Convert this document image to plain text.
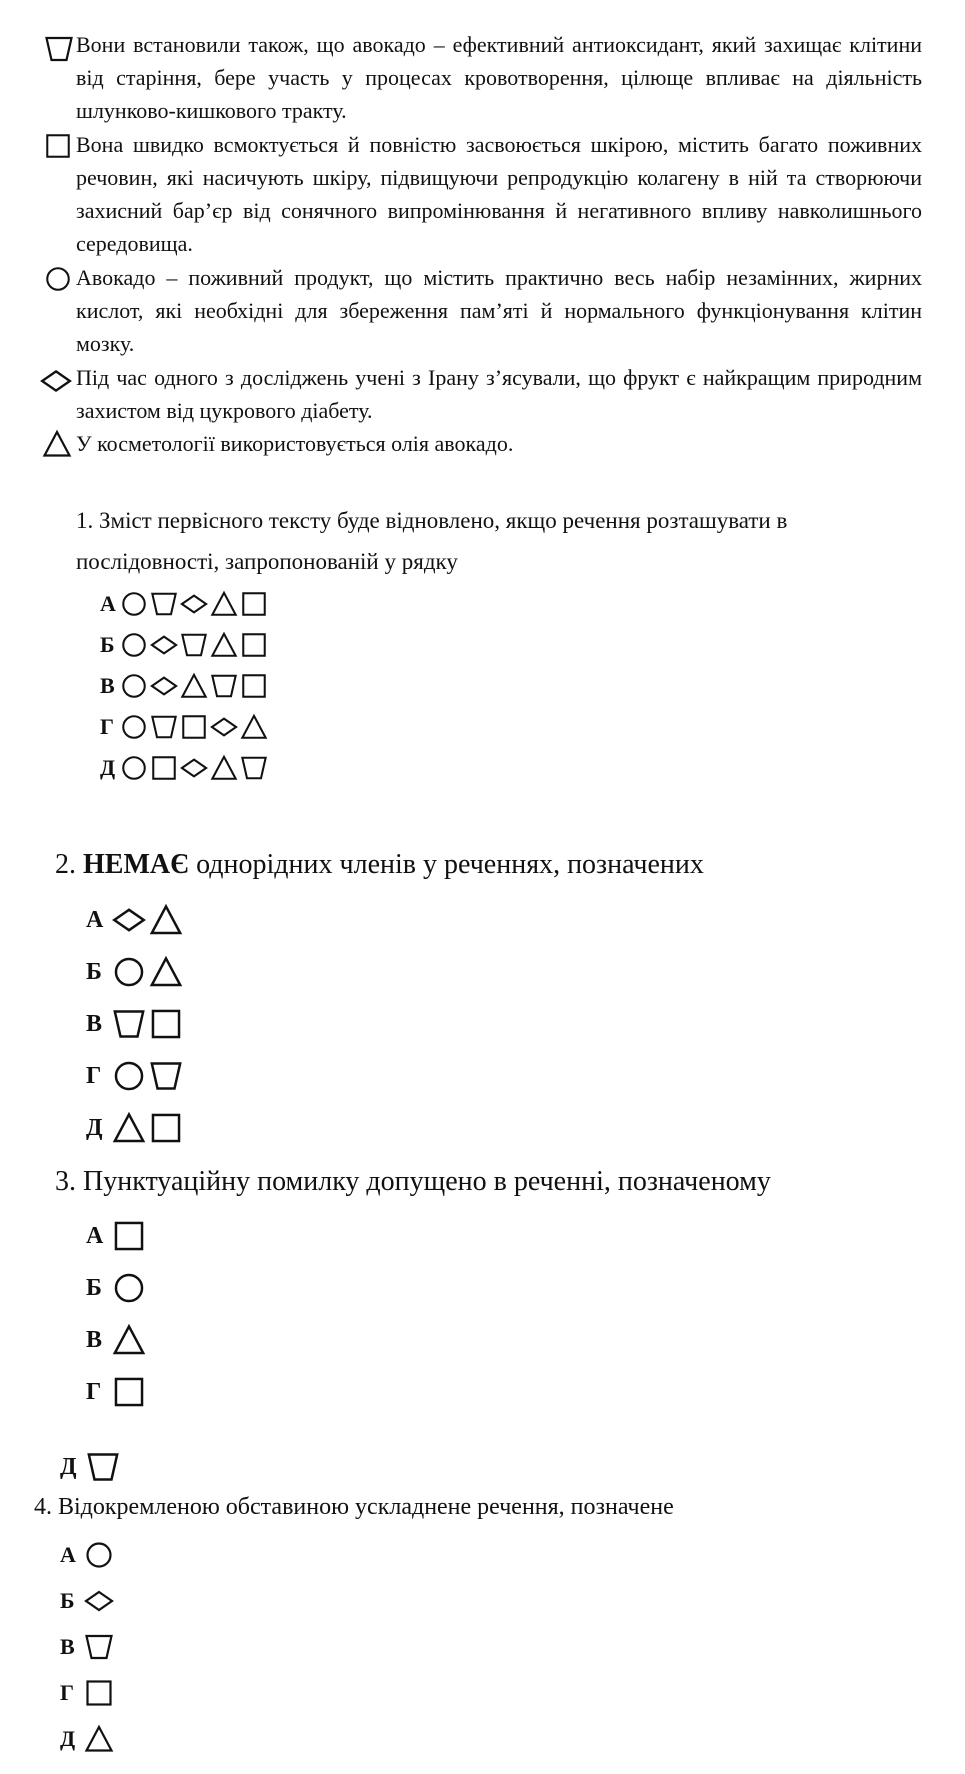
Вони встановили також, що авокадо – ефективний антиоксидант, який захищає клітини від старіння, бере участь у процесах кровотворення, цілюще впливає на діяльність шлунково-кишкового тракту.
Вона швидко всмоктується й повністю засвоюється шкірою, містить багато поживних речовин, які насичують шкіру, підвищуючи репродукцію колагену в ній та створюючи захисний бар’єр від сонячного випромінювання й негативного впливу навколишнього середовища.
Авокадо – поживний продукт, що містить практично весь набір незамінних, жирних кислот, які необхідні для збереження пам’яті й нормального функціонування клітин мозку.
Під час одного з досліджень учені з Ірану з’ясували, що фрукт є найкращим природним захистом від цукрового діабету.
У косметології використовується олія авокадо.
1. Зміст первісного тексту буде відновлено, якщо речення розташувати в
послідовності, запропонованій у рядку
А
Б
В
Г
Д
2. НЕМАЄ однорідних членів у реченнях, позначених
А
Б
В
Г
Д
3. Пунктуаційну помилку допущено в реченні, позначеному
А
Б
В
Г
Д
4. Відокремленою обставиною ускладнене речення, позначене
А
Б
В
Г
Д
